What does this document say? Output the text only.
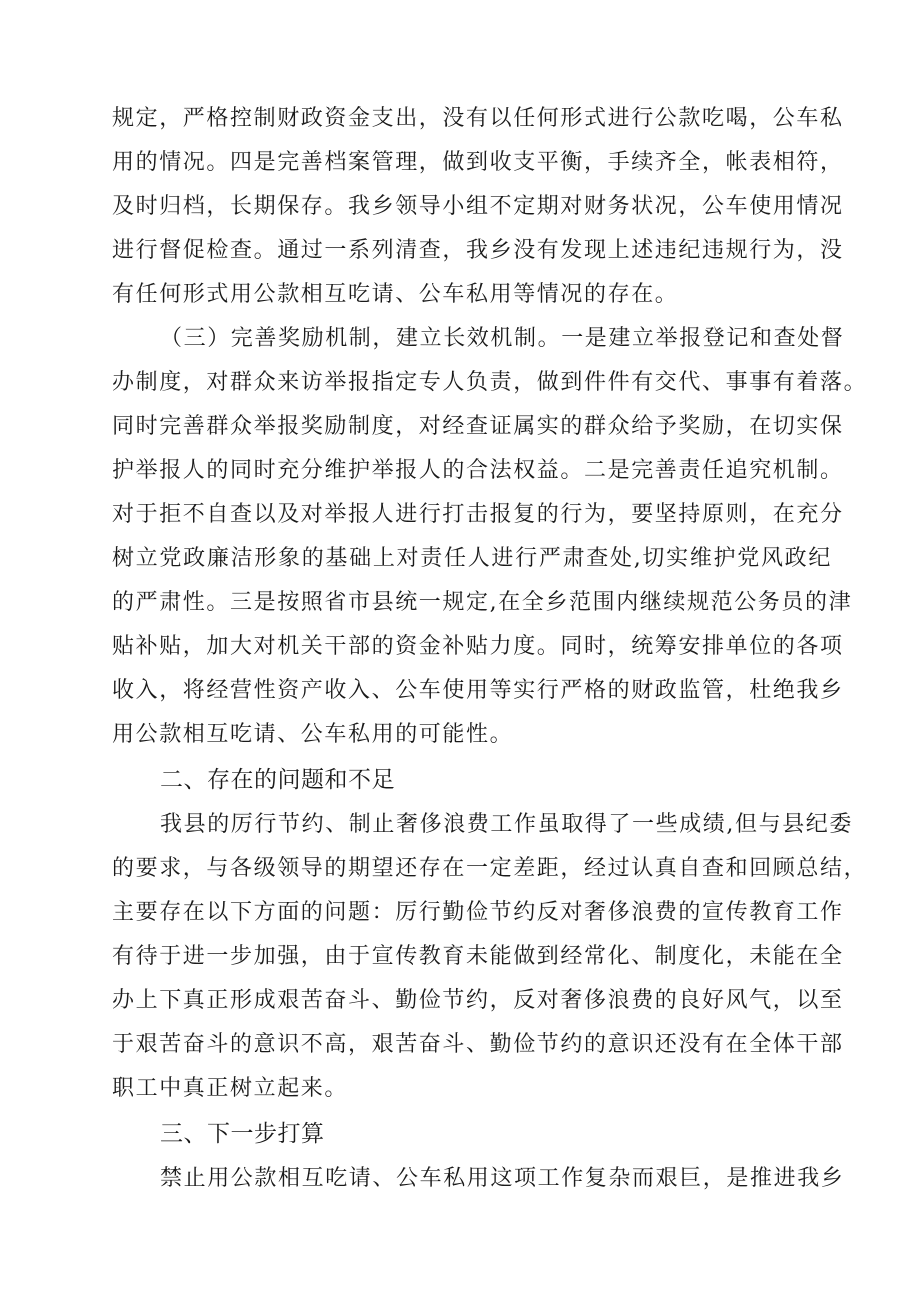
规定，严格控制财政资金支出，没有以任何形式进行公款吃喝，公车私
用的情况。四是完善档案管理，做到收支平衡，手续齐全，帐表相符，
及时归档，长期保存。我乡领导小组不定期对财务状况，公车使用情况
进行督促检查。通过一系列清查，我乡没有发现上述违纪违规行为，没
有任何形式用公款相互吃请、公车私用等情况的存在。
（三）完善奖励机制，建立长效机制。一是建立举报登记和查处督
办制度，对群众来访举报指定专人负责，做到件件有交代、事事有着落。
同时完善群众举报奖励制度，对经查证属实的群众给予奖励，在切实保
护举报人的同时充分维护举报人的合法权益。二是完善责任追究机制。
对于拒不自查以及对举报人进行打击报复的行为，要坚持原则，在充分
树立党政廉洁形象的基础上对责任人进行严肃查处,切实维护党风政纪
的严肃性。三是按照省市县统一规定,在全乡范围内继续规范公务员的津
贴补贴，加大对机关干部的资金补贴力度。同时，统筹安排单位的各项
收入，将经营性资产收入、公车使用等实行严格的财政监管，杜绝我乡
用公款相互吃请、公车私用的可能性。
二、存在的问题和不足
我县的厉行节约、制止奢侈浪费工作虽取得了一些成绩,但与县纪委
的要求，与各级领导的期望还存在一定差距，经过认真自查和回顾总结，
主要存在以下方面的问题：厉行勤俭节约反对奢侈浪费的宣传教育工作
有待于进一步加强，由于宣传教育未能做到经常化、制度化，未能在全
办上下真正形成艰苦奋斗、勤俭节约，反对奢侈浪费的良好风气，以至
于艰苦奋斗的意识不高，艰苦奋斗、勤俭节约的意识还没有在全体干部
职工中真正树立起来。
三、下一步打算
禁止用公款相互吃请、公车私用这项工作复杂而艰巨，是推进我乡
